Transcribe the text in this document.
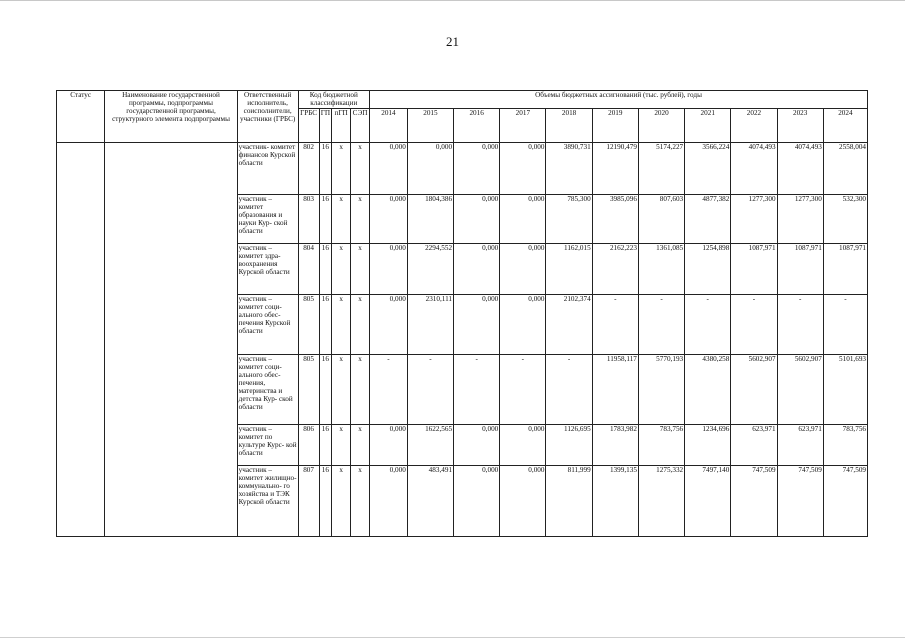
21
Статус	Наименование государственной программы, подпрограммы государственной программы, структурного элемента подпрограммы	Ответственный исполнитель, соисполнители, участники (ГРБС)	Код бюджетной классификации				Объемы бюджетных ассигнований (тыс. рублей), годы										
			ГРБС	ГП	пГП	СЭП	2014	2015	2016	2017	2018	2019	2020	2021	2022	2023	2024
		участник- комитет финансов Курской области	802	16	х	х	0,000	0,000	0,000	0,000	3890,731	12190,479	5174,227	3566,224	4074,493	4074,493	2558,004
		участник – комитет образования и науки Кур- ской области	803	16	х	х	0,000	1804,386	0,000	0,000	785,300	3985,096	807,603	4877,382	1277,300	1277,300	532,300
		участник – комитет здра- воохранения Курской области	804	16	х	х	0,000	2294,552	0,000	0,000	1162,015	2162,223	1361,085	1254,898	1087,971	1087,971	1087,971
		участник – комитет соци- ального обес- печения Курской области	805	16	х	х	0,000	2310,111	0,000	0,000	2102,374	-	-	-	-	-	-
		участник – комитет соци- ального обес- печения, материнства и детства Кур- ской области	805	16	х	х	-	-	-	-	-	11958,117	5770,193	4380,258	5602,907	5602,907	5101,693
		участник – комитет по культуре Курс- кой области	806	16	х	х	0,000	1622,565	0,000	0,000	1126,695	1783,982	783,756	1234,696	623,971	623,971	783,756
		участник – комитет жилищно- коммунально- го хозяйства и ТЭК Курской области	807	16	х	х	0,000	483,491	0,000	0,000	811,999	1399,135	1275,332	7497,140	747,509	747,509	747,509
